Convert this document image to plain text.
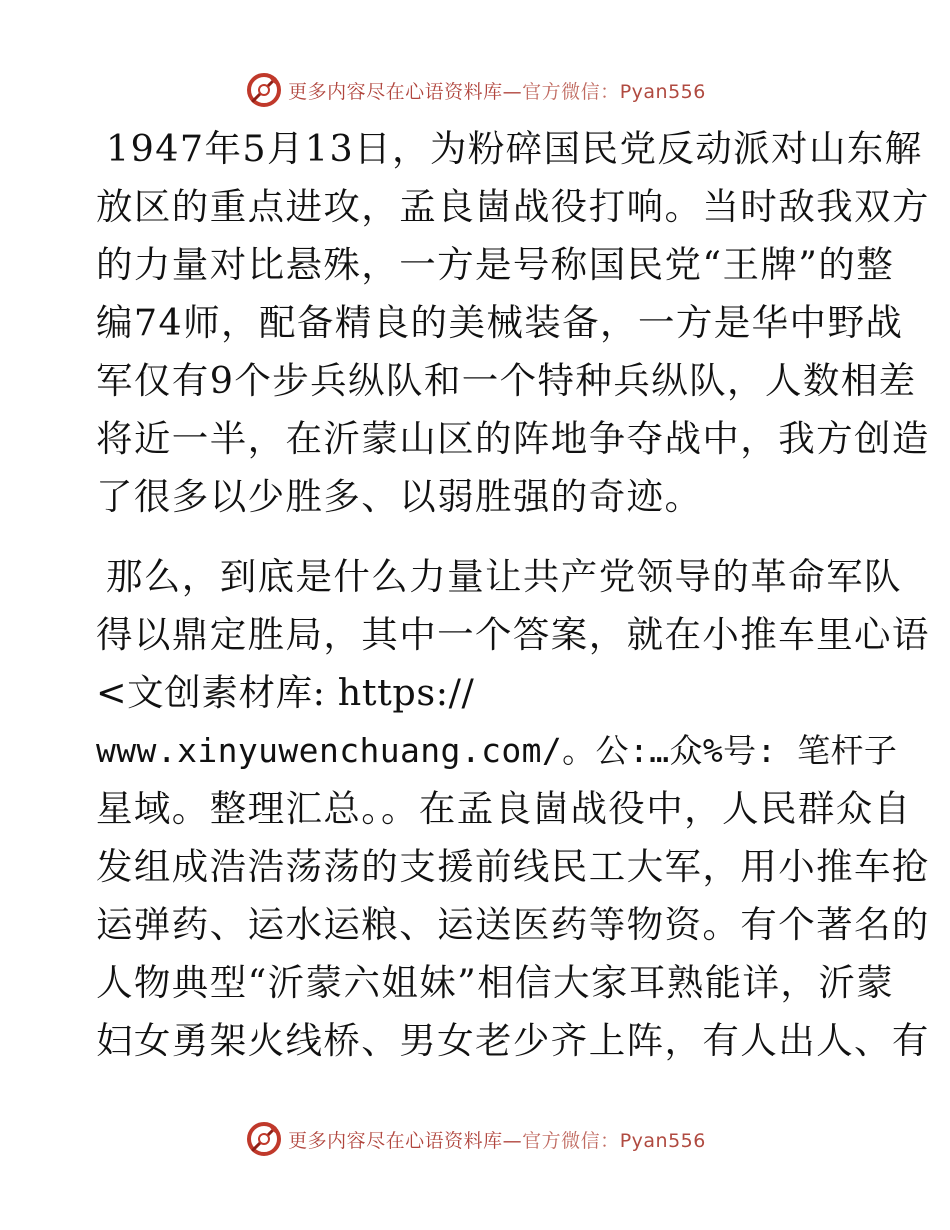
更多内容尽在心语资料库—官方微信：Pyan556
1947年5月13日，为粉碎国民党反动派对山东解
放区的重点进攻，孟良崮战役打响。当时敌我双方
的力量对比悬殊，一方是号称国民党“王牌”的整
编74师，配备精良的美械装备，一方是华中野战
军仅有9个步兵纵队和一个特种兵纵队，人数相差
将近一半，在沂蒙山区的阵地争夺战中，我方创造
了很多以少胜多、以弱胜强的奇迹。
那么，到底是什么力量让共产党领导的革命军队
得以鼎定胜局，其中一个答案，就在小推车里心语
<文创素材库: https://
www.xinyuwenchuang.com/。公:…众%号: 笔杆子
星域。整理汇总。。在孟良崮战役中，人民群众自
发组成浩浩荡荡的支援前线民工大军，用小推车抢
运弹药、运水运粮、运送医药等物资。有个著名的
人物典型“沂蒙六姐妹”相信大家耳熟能详，沂蒙
妇女勇架火线桥、男女老少齐上阵，有人出人、有
更多内容尽在心语资料库—官方微信：Pyan556
